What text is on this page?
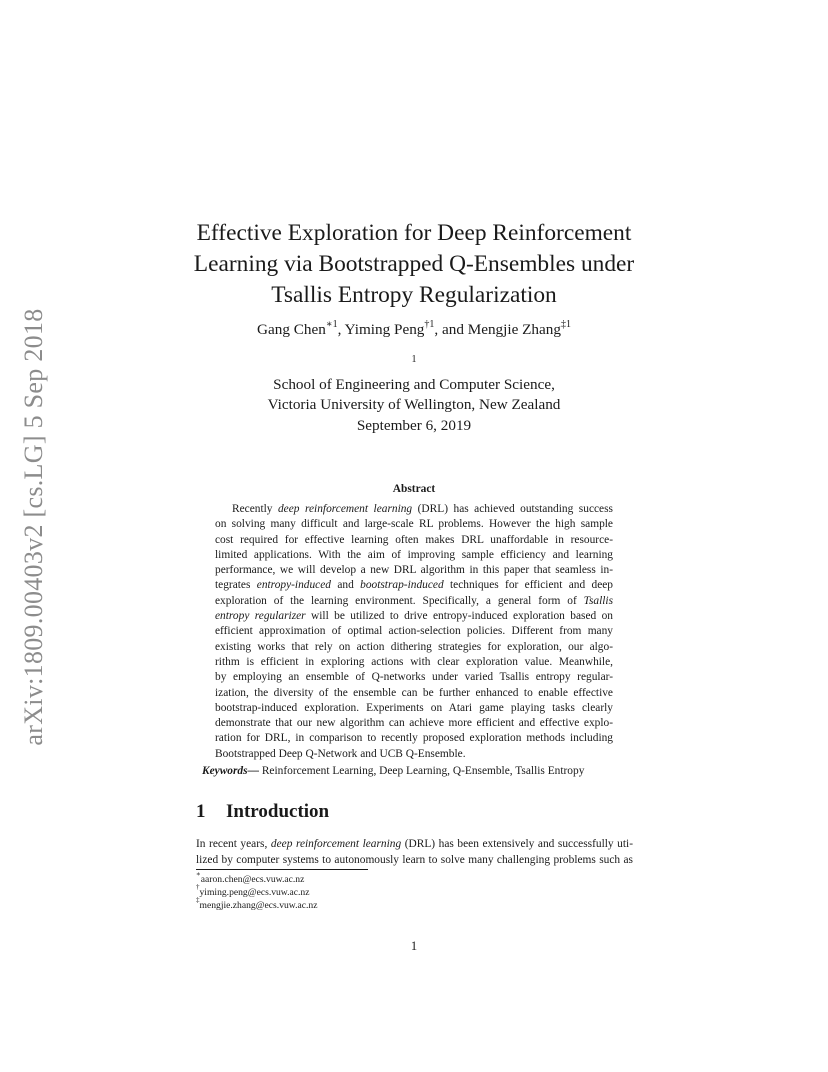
arXiv:1809.00403v2 [cs.LG] 5 Sep 2018
Effective Exploration for Deep Reinforcement
Learning via Bootstrapped Q-Ensembles under
Tsallis Entropy Regularization
Gang Chen$^{∗1}$, Yiming Peng$^{\dagger 1}$, and Mengjie Zhang$^{\ddagger 1}$
$^1$
School of Engineering and Computer Science,
Victoria University of Wellington, New Zealand
September 6, 2019
Abstract
Recently deep reinforcement learning (DRL) has achieved outstanding success
on solving many difficult and large-scale RL problems. However the high sample
cost required for effective learning often makes DRL unaffordable in resource-
limited applications. With the aim of improving sample efficiency and learning
performance, we will develop a new DRL algorithm in this paper that seamless in-
tegrates entropy-induced and bootstrap-induced techniques for efficient and deep
exploration of the learning environment. Specifically, a general form of Tsallis
entropy regularizer will be utilized to drive entropy-induced exploration based on
efficient approximation of optimal action-selection policies. Different from many
existing works that rely on action dithering strategies for exploration, our algo-
rithm is efficient in exploring actions with clear exploration value. Meanwhile,
by employing an ensemble of Q-networks under varied Tsallis entropy regular-
ization, the diversity of the ensemble can be further enhanced to enable effective
bootstrap-induced exploration. Experiments on Atari game playing tasks clearly
demonstrate that our new algorithm can achieve more efficient and effective explo-
ration for DRL, in comparison to recently proposed exploration methods including
Bootstrapped Deep Q-Network and UCB Q-Ensemble.
Keywords— Reinforcement Learning, Deep Learning, Q-Ensemble, Tsallis Entropy
1 Introduction
In recent years, deep reinforcement learning (DRL) has been extensively and successfully uti-
lized by computer systems to autonomously learn to solve many challenging problems such as
∗aaron.chen@ecs.vuw.ac.nz
†yiming.peng@ecs.vuw.ac.nz
‡mengjie.zhang@ecs.vuw.ac.nz
1
